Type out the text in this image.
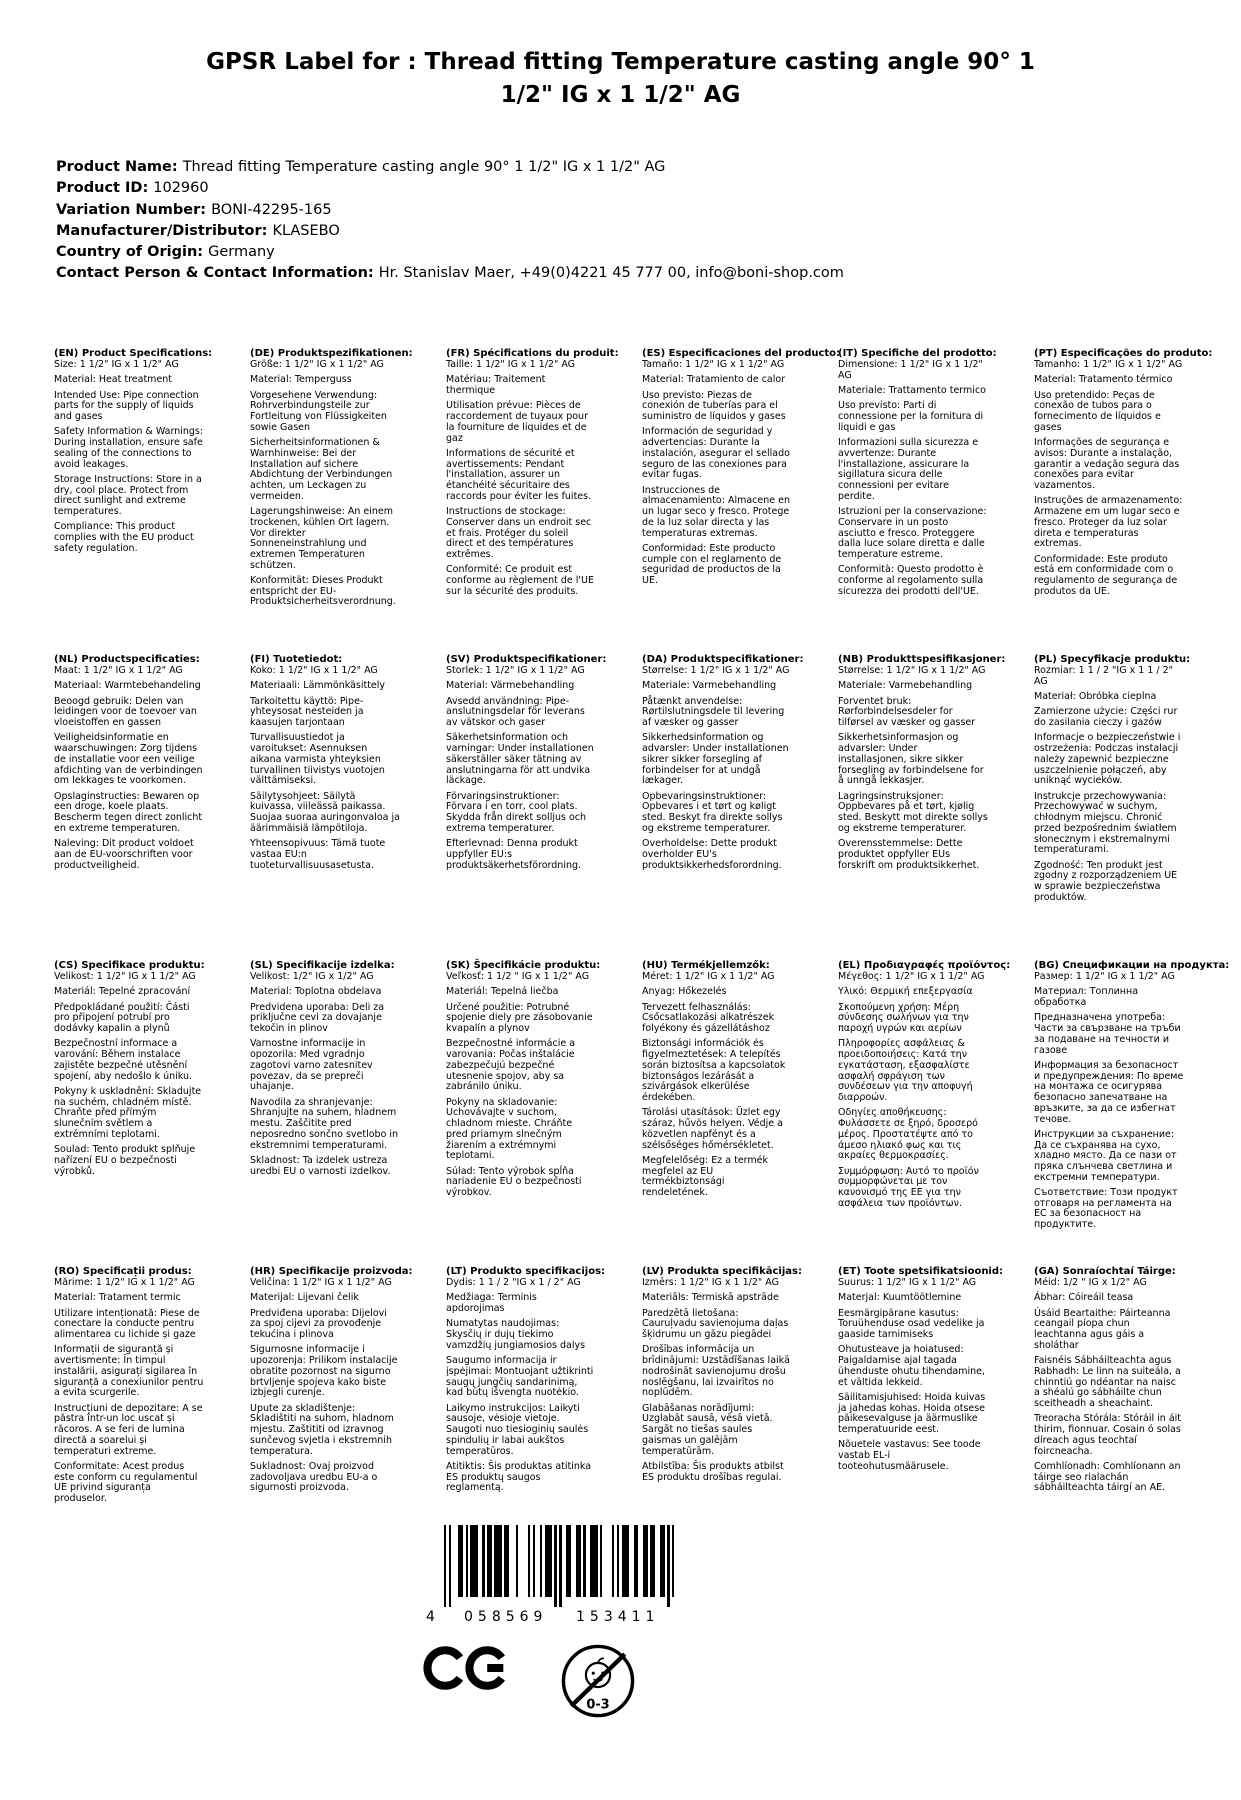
GPSR Label for : Thread fitting Temperature casting angle 90° 1 1/2" IG x 1 1/2" AG
Product Name: Thread fitting Temperature casting angle 90° 1 1/2" IG x 1 1/2" AG
Product ID: 102960
Variation Number: BONI-42295-165
Manufacturer/Distributor: KLASEBO
Country of Origin: Germany
Contact Person & Contact Information: Hr. Stanislav Maer, +49(0)4221 45 777 00, info@boni-shop.com
(EN) Product Specifications:

Size: 1 1/2" IG x 1 1/2" AG

Material: Heat treatment

Intended Use: Pipe connection parts for the supply of liquids and gases

Safety Information & Warnings: During installation, ensure safe sealing of the connections to avoid leakages.

Storage Instructions: Store in a dry, cool place. Protect from direct sunlight and extreme temperatures.

Compliance: This product complies with the EU product safety regulation.

(DE) Produktspezifikationen:

Größe: 1 1/2" IG x 1 1/2" AG

Material: Temperguss

Vorgesehene Verwendung: Rohrverbindungsteile zur Fortleitung von Flüssigkeiten sowie Gasen

Sicherheitsinformationen & Warnhinweise: Bei der Installation auf sichere Abdichtung der Verbindungen achten, um Leckagen zu vermeiden.

Lagerungshinweise: An einem trockenen, kühlen Ort lagern. Vor direkter Sonneneinstrahlung und extremen Temperaturen schützen.

Konformität: Dieses Produkt entspricht der EU-Produktsicherheitsverordnung.

(FR) Spécifications du produit:

Taille: 1 1/2" IG x 1 1/2" AG

Matériau: Traitement thermique

Utilisation prévue: Pièces de raccordement de tuyaux pour la fourniture de liquides et de gaz

Informations de sécurité et avertissements: Pendant l'installation, assurer un étanchéité sécuritaire des raccords pour éviter les fuites.

Instructions de stockage: Conserver dans un endroit sec et frais. Protéger du soleil direct et des températures extrêmes.

Conformité: Ce produit est conforme au règlement de l'UE sur la sécurité des produits.

(ES) Especificaciones del producto:

Tamaño: 1 1/2" IG x 1 1/2" AG

Material: Tratamiento de calor

Uso previsto: Piezas de conexión de tuberías para el suministro de líquidos y gases

Información de seguridad y advertencias: Durante la instalación, asegurar el sellado seguro de las conexiones para evitar fugas.

Instrucciones de almacenamiento: Almacene en un lugar seco y fresco. Protege de la luz solar directa y las temperaturas extremas.

Conformidad: Este producto cumple con el reglamento de seguridad de productos de la UE.

(IT) Specifiche del prodotto:

Dimensione: 1 1/2" IG x 1 1/2" AG

Materiale: Trattamento termico

Uso previsto: Parti di connessione per la fornitura di liquidi e gas

Informazioni sulla sicurezza e avvertenze: Durante l'installazione, assicurare la sigillatura sicura delle connessioni per evitare perdite.

Istruzioni per la conservazione: Conservare in un posto asciutto e fresco. Proteggere dalla luce solare diretta e dalle temperature estreme.

Conformità: Questo prodotto è conforme al regolamento sulla sicurezza dei prodotti dell'UE.

(PT) Especificações do produto:

Tamanho: 1 1/2" IG x 1 1/2" AG

Material: Tratamento térmico

Uso pretendido: Peças de conexão de tubos para o fornecimento de líquidos e gases

Informações de segurança e avisos: Durante a instalação, garantir a vedação segura das conexões para evitar vazamentos.

Instruções de armazenamento: Armazene em um lugar seco e fresco. Proteger da luz solar direta e temperaturas extremas.

Conformidade: Este produto está em conformidade com o regulamento de segurança de produtos da UE.

(NL) Productspecificaties:

Maat: 1 1/2" IG x 1 1/2" AG

Materiaal: Warmtebehandeling

Beoogd gebruik: Delen van leidingen voor de toevoer van vloeistoffen en gassen

Veiligheidsinformatie en waarschuwingen: Zorg tijdens de installatie voor een veilige afdichting van de verbindingen om lekkages te voorkomen.

Opslaginstructies: Bewaren op een droge, koele plaats. Bescherm tegen direct zonlicht en extreme temperaturen.

Naleving: Dit product voldoet aan de EU-voorschriften voor productveiligheid.

(FI) Tuotetiedot:

Koko: 1 1/2" IG x 1 1/2" AG

Materiaali: Lämmönkäsittely

Tarkoitettu käyttö: Pipe-yhteysosat nesteiden ja kaasujen tarjontaan

Turvallisuustiedot ja varoitukset: Asennuksen aikana varmista yhteyksien turvallinen tiivistys vuotojen välttämiseksi.

Säilytysohjeet: Säilytä kuivassa, viileässä paikassa. Suojaa suoraa auringonvaloa ja äärimmäisiä lämpötiloja.

Yhteensopivuus: Tämä tuote vastaa EU:n tuoteturvallisuusasetusta.

(SV) Produktspecifikationer:

Storlek: 1 1/2" IG x 1 1/2" AG

Material: Värmebehandling

Avsedd användning: Pipe-anslutningsdelar för leverans av vätskor och gaser

Säkerhetsinformation och varningar: Under installationen säkerställer säker tätning av anslutningarna för att undvika läckage.

Förvaringsinstruktioner: Förvara i en torr, cool plats. Skydda från direkt solljus och extrema temperaturer.

Efterlevnad: Denna produkt uppfyller EU:s produktsäkerhetsförordning.

(DA) Produktspecifikationer:

Størrelse: 1 1/2" IG x 1 1/2" AG

Materiale: Varmebehandling

Påtænkt anvendelse: Rørtilslutningsdele til levering af væsker og gasser

Sikkerhedsinformation og advarsler: Under installationen sikrer sikker forsegling af forbindelser for at undgå lækager.

Opbevaringsinstruktioner: Opbevares i et tørt og køligt sted. Beskyt fra direkte sollys og ekstreme temperaturer.

Overholdelse: Dette produkt overholder EU's produktsikkerhedsforordning.

(NB) Produkttspesifikasjoner:

Størrelse: 1 1/2" IG x 1 1/2" AG

Materiale: Varmebehandling

Forventet bruk: Rørforbindelsesdeler for tilførsel av væsker og gasser

Sikkerhetsinformasjon og advarsler: Under installasjonen, sikre sikker forsegling av forbindelsene for å unngå lekkasjer.

Lagringsinstruksjoner: Oppbevares på et tørt, kjølig sted. Beskytt mot direkte sollys og ekstreme temperaturer.

Overensstemmelse: Dette produktet oppfyller EUs forskrift om produktsikkerhet.

(PL) Specyfikacje produktu:

Rozmiar: 1 1 / 2 "IG x 1 1 / 2" AG

Materiał: Obróbka cieplna

Zamierzone użycie: Części rur do zasilania cieczy i gazów

Informacje o bezpieczeństwie i ostrzeżenia: Podczas instalacji należy zapewnić bezpieczne uszczelnienie połączeń, aby uniknąć wycieków.

Instrukcje przechowywania: Przechowywać w suchym, chłodnym miejscu. Chronić przed bezpośrednim światłem słonecznym i ekstremalnymi temperaturami.

Zgodność: Ten produkt jest zgodny z rozporządzeniem UE w sprawie bezpieczeństwa produktów.

(CS) Specifikace produktu:

Velikost: 1 1/2" IG x 1 1/2" AG

Materiál: Tepelné zpracování

Předpokládané použití: Části pro připojení potrubí pro dodávky kapalin a plynů

Bezpečnostní informace a varování: Během instalace zajistěte bezpečné utěsnění spojení, aby nedošlo k úniku.

Pokyny k uskladnění: Skladujte na suchém, chladném místě. Chraňte před přímým slunečním světlem a extrémními teplotami.

Soulad: Tento produkt splňuje nařízení EU o bezpečnosti výrobků.

(SL) Specifikacije izdelka:

Velikost: 1/2" IG x 1/2" AG

Material: Toplotna obdelava

Predvidena uporaba: Deli za priključne cevi za dovajanje tekočin in plinov

Varnostne informacije in opozorila: Med vgradnjo zagotovi varno zatesnitev povezav, da se prepreči uhajanje.

Navodila za shranjevanje: Shranjujte na suhem, hladnem mestu. Zaščitite pred neposredno sončno svetlobo in ekstremnimi temperaturami.

Skladnost: Ta izdelek ustreza uredbi EU o varnosti izdelkov.

(SK) Špecifikácie produktu:

Veľkosť: 1 1/2 " IG x 1 1/2" AG

Materiál: Tepelná liečba

Určené použitie: Potrubné spojenie diely pre zásobovanie kvapalín a plynov

Bezpečnostné informácie a varovania: Počas inštalácie zabezpečujú bezpečné utesnenie spojov, aby sa zabránilo úniku.

Pokyny na skladovanie: Uchovávajte v suchom, chladnom mieste. Chráňte pred priamym slnečným žiarením a extrémnymi teplotami.

Súlad: Tento výrobok spĺňa nariadenie EÚ o bezpečnosti výrobkov.

(HU) Termékjellemzők:

Méret: 1 1/2" IG x 1 1/2" AG

Anyag: Hőkezelés

Tervezett felhasználás: Csőcsatlakozási alkatrészek folyékony és gázellátáshoz

Biztonsági információk és figyelmeztetések: A telepítés során biztosítsa a kapcsolatok biztonságos lezárását a szivárgások elkerülése érdekében.

Tárolási utasítások: Üzlet egy száraz, hűvös helyen. Védje a közvetlen napfényt és a szélsőséges hőmérsékletet.

Megfelelőség: Ez a termék megfelel az EU termékbiztonsági rendeletének.

(EL) Προδιαγραφές προϊόντος:

Μέγεθος: 1 1/2" IG x 1 1/2" AG

Υλικό: Θερμική επεξεργασία

Σκοπούμενη χρήση: Μέρη σύνδεσης σωλήνων για την παροχή υγρών και αερίων

Πληροφορίες ασφάλειας & προειδοποιήσεις: Κατά την εγκατάσταση, εξασφαλίστε ασφαλή σφράγιση των συνδέσεων για την αποφυγή διαρροών.

Οδηγίες αποθήκευσης: Φυλάσσετε σε ξηρό, δροσερό μέρος. Προστατέψτε από το άμεσο ηλιακό φως και τις ακραίες θερμοκρασίες.

Συμμόρφωση: Αυτό το προϊόν συμμορφώνεται με τον κανονισμό της ΕΕ για την ασφάλεια των προϊόντων.

(BG) Спецификации на продукта:

Размер: 1 1/2" IG x 1 1/2" AG

Материал: Топлинна обработка

Предназначена употреба: Части за свързване на тръби за подаване на течности и газове

Информация за безопасност и предупреждения: По време на монтажа се осигурява безопасно запечатване на връзките, за да се избегнат течове.

Инструкции за съхранение: Да се съхранява на сухо, хладно място. Да се пази от пряка слънчева светлина и екстремни температури.

Съответствие: Този продукт отговаря на регламента на ЕС за безопасност на продуктите.

(RO) Specificații produs:

Mărime: 1 1/2" IG x 1 1/2" AG

Material: Tratament termic

Utilizare intenționată: Piese de conectare la conducte pentru alimentarea cu lichide și gaze

Informații de siguranță și avertismente: În timpul instalării, asigurați sigilarea în siguranță a conexiunilor pentru a evita scurgerile.

Instrucțiuni de depozitare: A se păstra într-un loc uscat și răcoros. A se feri de lumina directă a soarelui și temperaturi extreme.

Conformitate: Acest produs este conform cu regulamentul UE privind siguranța produselor.

(HR) Specifikacije proizvoda:

Veličina: 1 1/2" IG x 1 1/2" AG

Materijal: Lijevani čelik

Predviđena uporaba: Dijelovi za spoj cijevi za provođenje tekućina i plinova

Sigurnosne informacije i upozorenja: Prilikom instalacije obratite pozornost na sigurno brtvljenje spojeva kako biste izbjegli curenje.

Upute za skladištenje: Skladištiti na suhom, hladnom mjestu. Zaštititi od izravnog sunčevog svjetla i ekstremnih temperatura.

Sukladnost: Ovaj proizvod zadovoljava uredbu EU-a o sigurnosti proizvoda.

(LT) Produkto specifikacijos:

Dydis: 1 1 / 2 "IG x 1 / 2" AG

Medžiaga: Terminis apdorojimas

Numatytas naudojimas: Skysčių ir dujų tiekimo vamzdžių jungiamosios dalys

Saugumo informacija ir įspėjimai: Montuojant užtikrinti saugų jungčių sandarinimą, kad būtų išvengta nuotėkio.

Laikymo instrukcijos: Laikyti sausoje, vėsioje vietoje. Saugoti nuo tiesioginių saulės spindulių ir labai aukštos temperatūros.

Atitiktis: Šis produktas atitinka ES produktų saugos reglamentą.

(LV) Produkta specifikācijas:

Izmērs: 1 1/2" IG x 1 1/2" AG

Materiāls: Termiskā apstrāde

Paredzētā lietošana: Cauruļvadu savienojuma daļas šķidrumu un gāzu piegādei

Drošības informācija un brīdinājumi: Uzstādīšanas laikā nodrošināt savienojumu drošu noslēgšanu, lai izvairītos no noplūdēm.

Glabāšanas norādījumi: Uzglabāt sausā, vēsā vietā. Sargāt no tiešas saules gaismas un galējām temperatūrām.

Atbilstība: Šis produkts atbilst ES produktu drošības regulai.

(ET) Toote spetsifikatsioonid:

Suurus: 1 1/2" IG x 1 1/2" AG

Materjal: Kuumtöötlemine

Eesmärgipärane kasutus: Toruühenduse osad vedelike ja gaaside tarnimiseks

Ohutusteave ja hoiatused: Paigaldamise ajal tagada ühenduste ohutu tihendamine, et vältida lekkeid.

Säilitamisjuhised: Hoida kuivas ja jahedas kohas. Hoida otsese päikesevalguse ja äärmuslike temperatuuride eest.

Nõuetele vastavus: See toode vastab EL-i tooteohutusmäärusele.

(GA) Sonraíochtaí Táirge:

Méid: 1/2 " IG x 1/2" AG

Ábhar: Cóireáil teasa

Úsáid Beartaithe: Páirteanna ceangail píopa chun leachtanna agus gáis a sholáthar

Faisnéis Sábháilteachta agus Rabhadh: Le linn na suiteála, a chinntiú go ndéantar na naisc a shéalú go sábháilte chun sceitheadh a sheachaint.

Treoracha Stórála: Stóráil in áit thirim, fionnuar. Cosain ó solas díreach agus teochtaí foircneacha.

Comhlíonadh: Comhlíonann an táirge seo rialachán sábháilteachta táirgí an AE.

4 058569 153411
0-3
